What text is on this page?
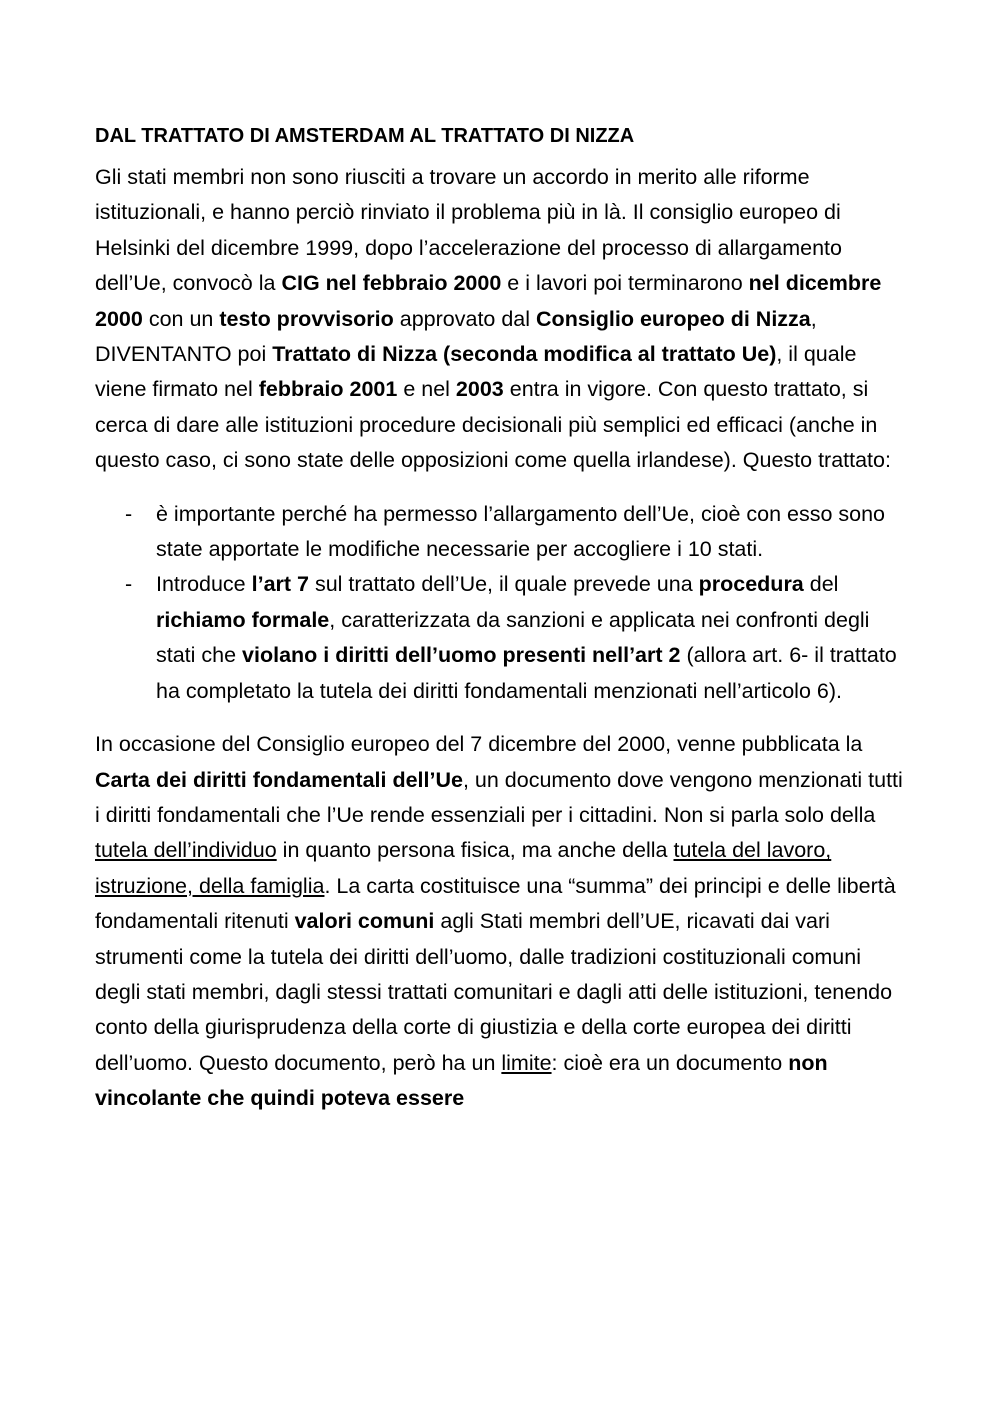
DAL TRATTATO DI AMSTERDAM AL TRATTATO DI NIZZA

Gli stati membri non sono riusciti a trovare un accordo in merito alle riforme istituzionali, e hanno perciò rinviato il problema più in là. Il consiglio europeo di Helsinki del dicembre 1999, dopo l’accelerazione del processo di allargamento dell’Ue, convocò la CIG nel febbraio 2000 e i lavori poi terminarono nel dicembre 2000 con un testo provvisorio approvato dal Consiglio europeo di Nizza, DIVENTANTO poi Trattato di Nizza (seconda modifica al trattato Ue), il quale viene firmato nel febbraio 2001 e nel 2003 entra in vigore. Con questo trattato, si cerca di dare alle istituzioni procedure decisionali più semplici ed efficaci (anche in questo caso, ci sono state delle opposizioni come quella irlandese). Questo trattato:

- è importante perché ha permesso l’allargamento dell’Ue, cioè con esso sono state apportate le modifiche necessarie per accogliere i 10 stati.
- Introduce l’art 7 sul trattato dell’Ue, il quale prevede una procedura del richiamo formale, caratterizzata da sanzioni e applicata nei confronti degli stati che violano i diritti dell’uomo presenti nell’art 2 (allora art. 6- il trattato ha completato la tutela dei diritti fondamentali menzionati nell’articolo 6).

In occasione del Consiglio europeo del 7 dicembre del 2000, venne pubblicata la Carta dei diritti fondamentali dell’Ue, un documento dove vengono menzionati tutti i diritti fondamentali che l’Ue rende essenziali per i cittadini. Non si parla solo della tutela dell’individuo in quanto persona fisica, ma anche della tutela del lavoro, istruzione, della famiglia. La carta costituisce una “summa” dei principi e delle libertà fondamentali ritenuti valori comuni agli Stati membri dell’UE, ricavati dai vari strumenti come la tutela dei diritti dell’uomo, dalle tradizioni costituzionali comuni degli stati membri, dagli stessi trattati comunitari e dagli atti delle istituzioni, tenendo conto della giurisprudenza della corte di giustizia e della corte europea dei diritti dell’uomo. Questo documento, però ha un limite: cioè era un documento non vincolante che quindi poteva essere
